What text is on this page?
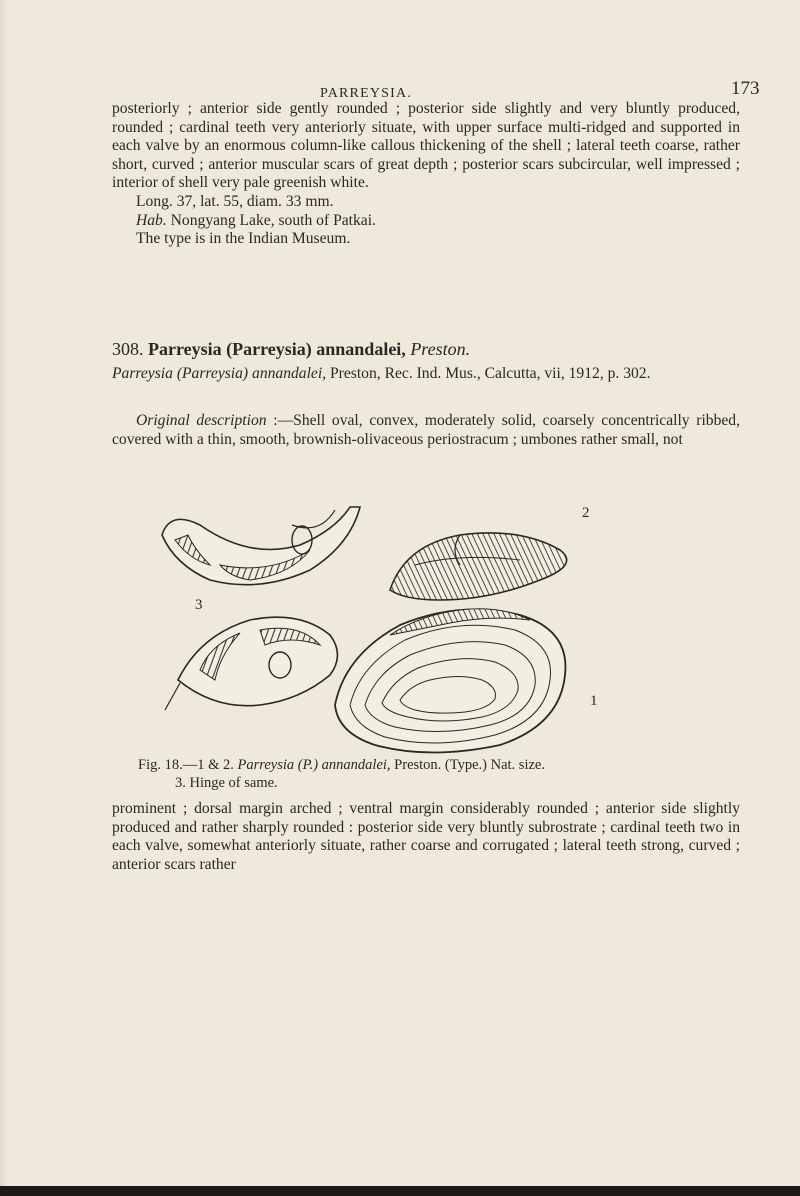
PARREYSIA.	173

posteriorly ; anterior side gently rounded ; posterior side slightly and very bluntly produced, rounded ; cardinal teeth very anteriorly situate, with upper surface multi-ridged and supported in each valve by an enormous column-like callous thickening of the shell ; lateral teeth coarse, rather short, curved ; anterior muscular scars of great depth ; posterior scars subcircular, well impressed ; interior of shell very pale greenish white.

Long. 37, lat. 55, diam. 33 mm.

Hab. Nongyang Lake, south of Patkai.

The type is in the Indian Museum.

308. Parreysia (Parreysia) annandalei, Preston.

Parreysia (Parreysia) annandalei, Preston, Rec. Ind. Mus., Calcutta, vii, 1912, p. 302.

Original description :—Shell oval, convex, moderately solid, coarsely concentrically ribbed, covered with a thin, smooth, brownish-olivaceous periostracum ; umbones rather small, not

2
3
1
Fig. 18.—1 & 2. Parreysia (P.) annandalei, Preston. (Type.) Nat. size.
3. Hinge of same.

prominent ; dorsal margin arched ; ventral margin considerably rounded ; anterior side slightly produced and rather sharply rounded : posterior side very bluntly subrostrate ; cardinal teeth two in each valve, somewhat anteriorly situate, rather coarse and corrugated ; lateral teeth strong, curved ; anterior scars rather
